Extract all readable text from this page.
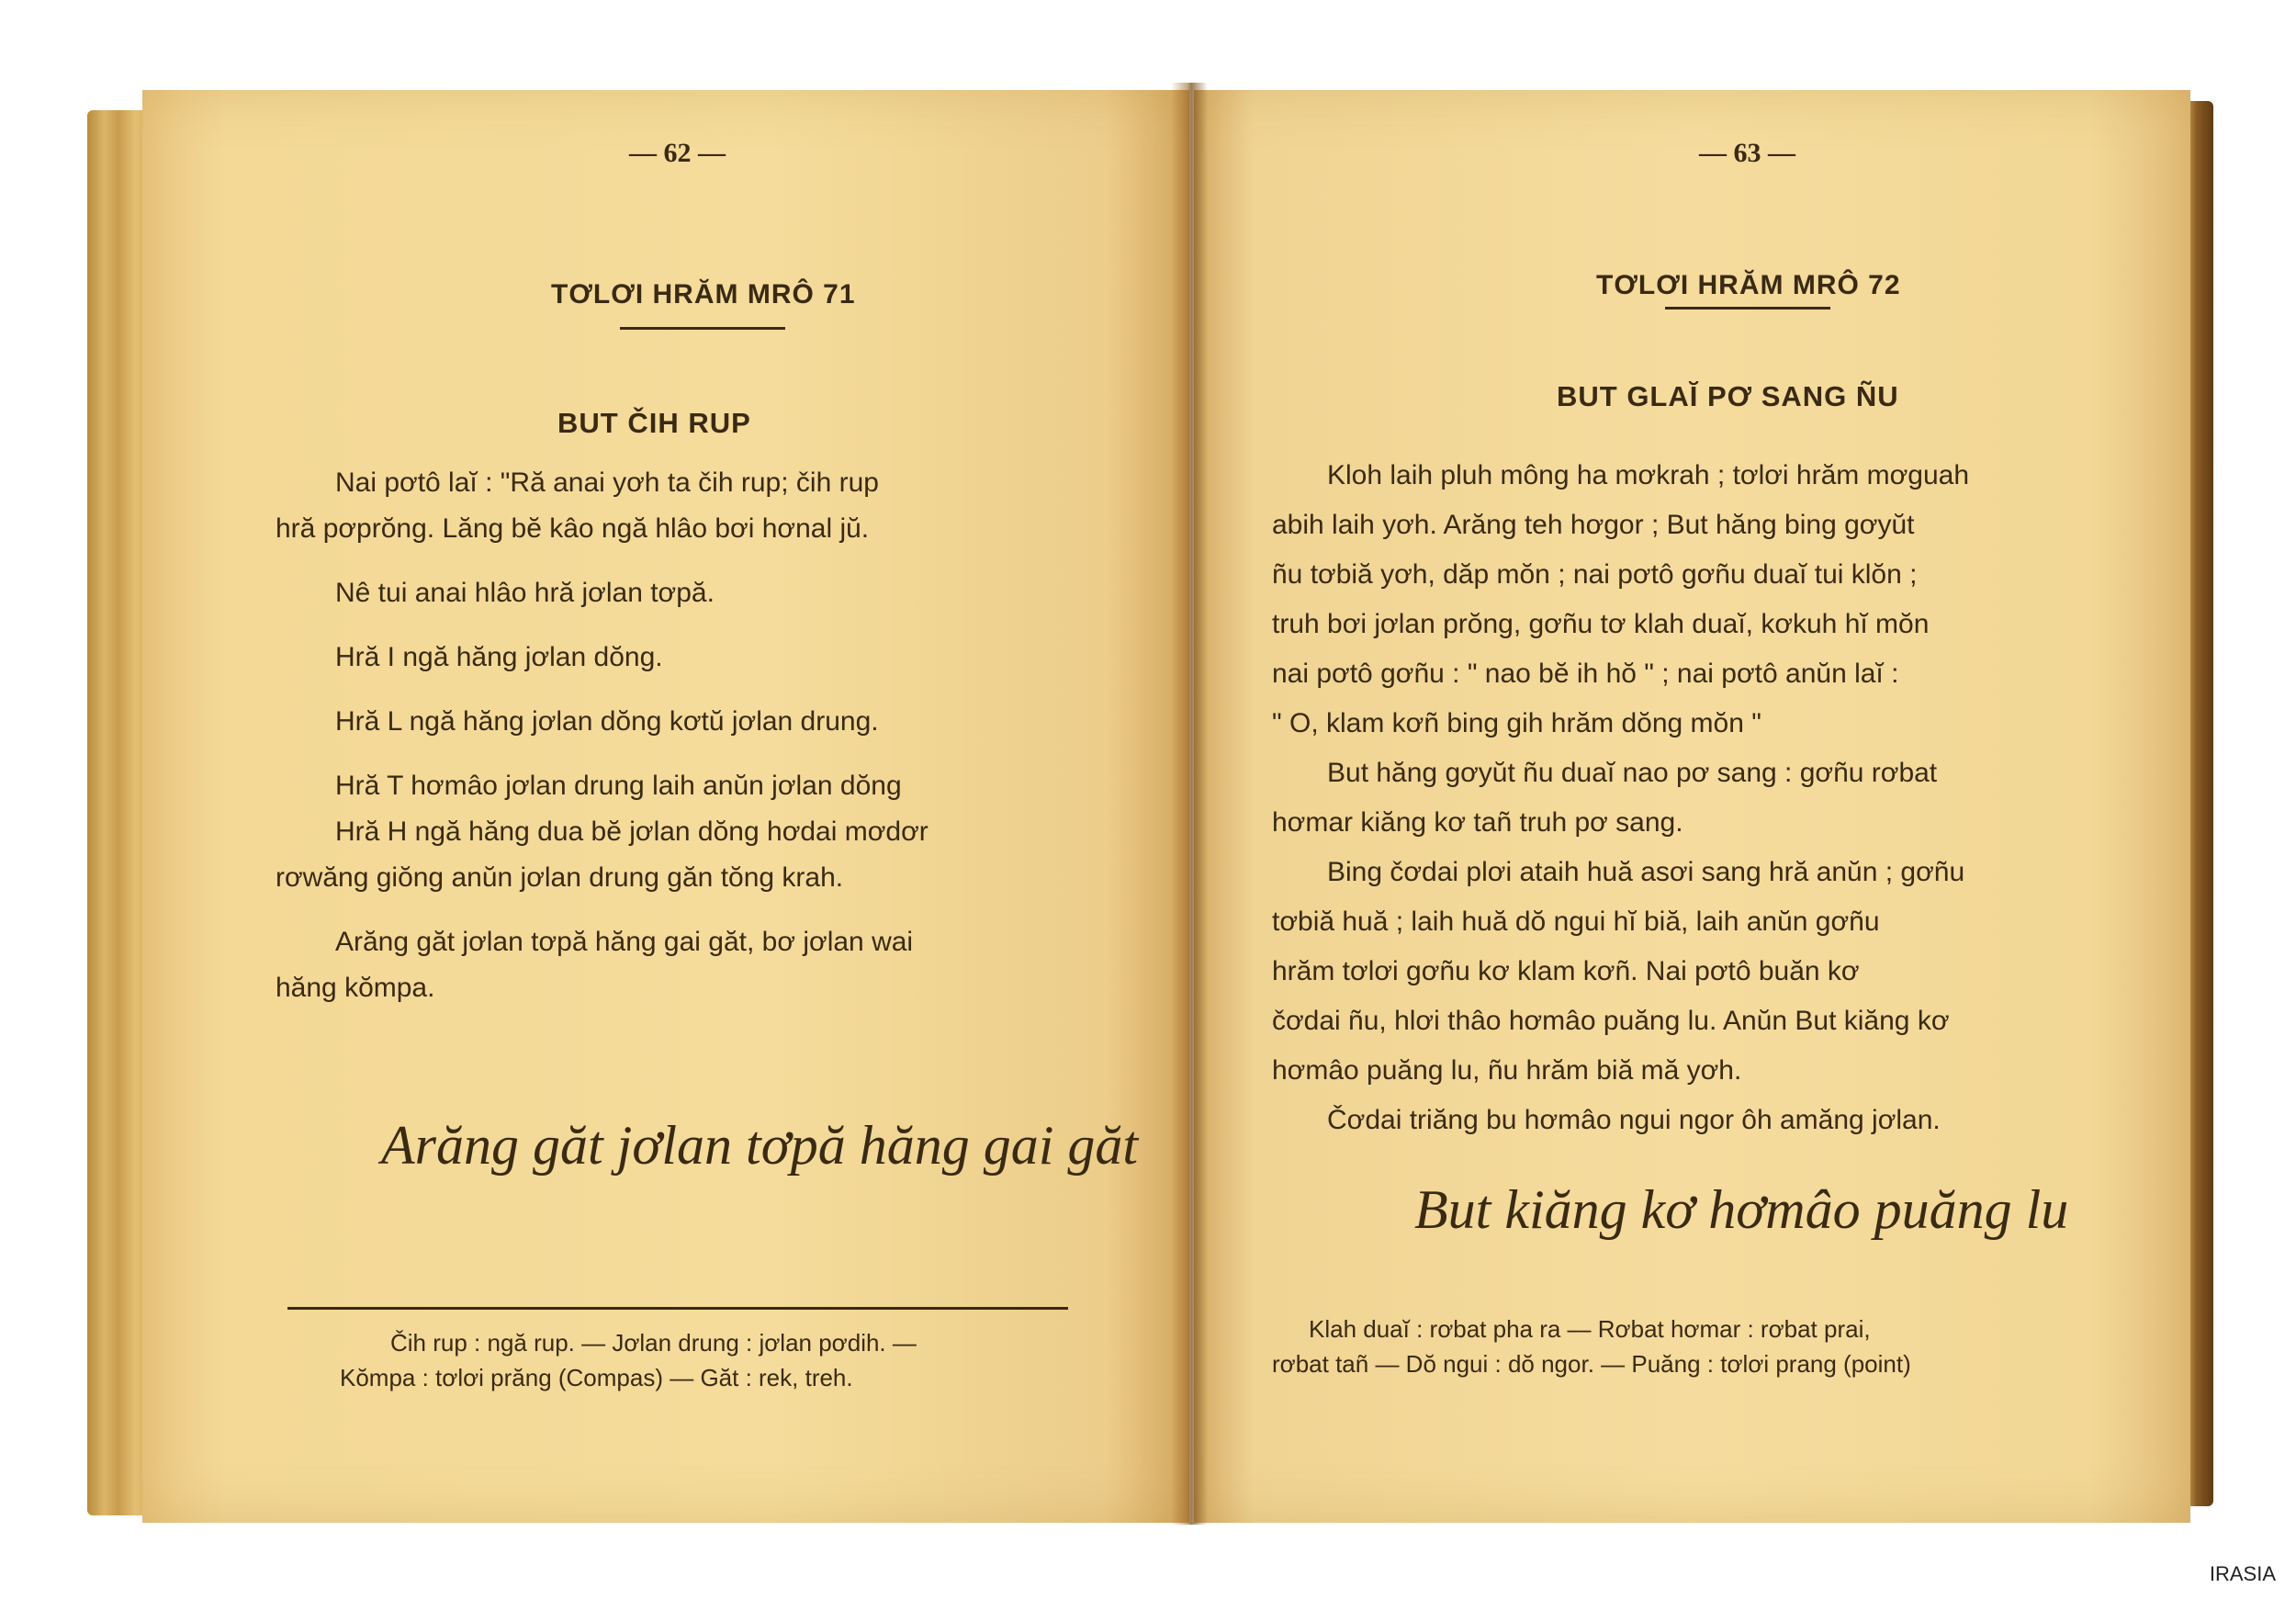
— 62 —
TƠLƠI HRĂM MRÔ 71
BUT ČIH RUP

Nai pơtô laĭ : "Ră anai yơh ta čih rup; čih rup

hră pơprŏng. Lăng bĕ kâo ngă hlâo bơi hơnal jŭ.

Nê tui anai hlâo hră jơlan tơpă.

Hră I ngă hăng jơlan dŏng.

Hră L ngă hăng jơlan dŏng kơtŭ jơlan drung.

Hră T hơmâo jơlan drung laih anŭn jơlan dŏng

Hră H ngă hăng dua bĕ jơlan dŏng hơdai mơdơr

rơwăng giŏng anŭn jơlan drung găn tŏng krah.

Arăng găt jơlan tơpă hăng gai găt, bơ jơlan wai

hăng kŏmpa.

Arăng găt jơlan tơpă hăng gai găt
Čih rup : ngă rup. — Jơlan drung : jơlan pơdih. —
Kŏmpa : tơlơi prăng (Compas) — Găt : rek, treh.
— 63 —
TƠLƠI HRĂM MRÔ 72
BUT GLAĬ PƠ SANG ÑU

Kloh laih pluh mông ha mơkrah ; tơlơi hrăm mơguah

abih laih yơh. Arăng teh hơgor ; But hăng bing gơyŭt

ñu tơbiă yơh, dăp mŏn ; nai pơtô gơñu duaĭ tui klŏn ;

truh bơi jơlan prŏng, gơñu tơ klah duaĭ, kơkuh hĭ mŏn

nai pơtô gơñu : " nao bĕ ih hŏ " ; nai pơtô anŭn laĭ :

" O, klam kơñ bing gih hrăm dŏng mŏn "

But hăng gơyŭt ñu duaĭ nao pơ sang : gơñu rơbat

hơmar kiăng kơ tañ truh pơ sang.

Bing čơdai plơi ataih huă asơi sang hră anŭn ; gơñu

tơbiă huă ; laih huă dŏ ngui hĭ biă, laih anŭn gơñu

hrăm tơlơi gơñu kơ klam kơñ. Nai pơtô buăn kơ

čơdai ñu, hlơi thâo hơmâo puăng lu. Anŭn But kiăng kơ

hơmâo puăng lu, ñu hrăm biă mă yơh.

Čơdai triăng bu hơmâo ngui ngor ôh amăng jơlan.

But kiăng kơ hơmâo puăng lu
Klah duaĭ : rơbat pha ra — Rơbat hơmar : rơbat prai,
rơbat tañ — Dŏ ngui : dŏ ngor. — Puăng : tơlơi prang (point)
IRASIA
